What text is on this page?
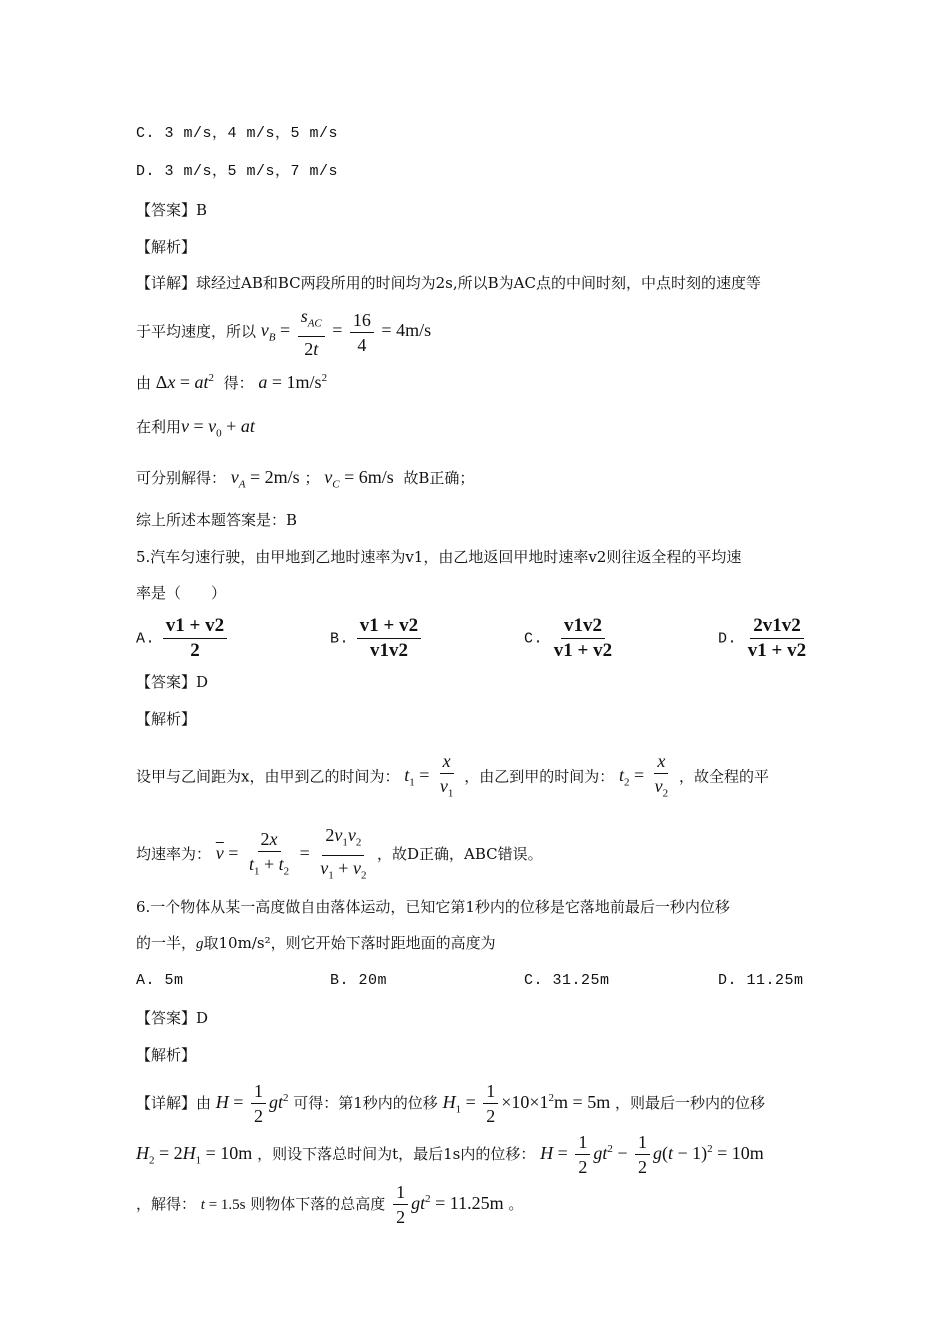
C. 3 m/s，4 m/s，5 m/s
D. 3 m/s，5 m/s，7 m/s
【答案】B
【解析】
【详解】球经过AB和BC两段所用的时间均为2s,所以B为AC点的中间时刻，中点时刻的速度等
于平均速度，所以 $v_B = \frac{s_{AC}}{2t} = \frac{16}{4} = 4m/s$
由 $\Delta x = at^2$ 得： $a = 1m/s^2$
在利用$v = v_0$ + at
可分别解得： $v_A = 2m/s$ ； $v_C = 6m/s$ 故B正确；
综上所述本题答案是：B
5.汽车匀速行驶，由甲地到乙地时速率为v1，由乙地返回甲地时速率v2则往返全程的平均速
率是（　　）
A. $\frac{v1 + v2}{2}$	B. $\frac{v1 + v2}{v1v2}$	C. $\frac{v1v2}{v1 + v2}$	D. $\frac{2v1v2}{v1 + v2}$
【答案】D
【解析】
设甲与乙间距为x，由甲到乙的时间为： $t_1 = \frac{x}{v_1}$ ，由乙到甲的时间为： $t_2 = \frac{x}{v_2}$ ，故全程的平
均速率为： $\overline{v} = \frac{2x}{t_1 + t_2} = \frac{2v_1v_2}{v_1 + v_2}$ ，故D正确，ABC错误。
6.一个物体从某一高度做自由落体运动，已知它第1秒内的位移是它落地前最后一秒内位移
的一半，g取10m/s²，则它开始下落时距地面的高度为
A. 5m	B. 20m	C. 31.25m	D. 11.25m
【答案】D
【解析】
【详解】由 $H = \frac{1}{2} gt^2$ 可得：第1秒内的位移 $H_1 = \frac{1}{2} \times 10\times 1^2m = 5m$ ，则最后一秒内的位移
$H_2 = 2H_1 = 10m$ ，则设下落总时间为t，最后1s内的位移： $H = \frac{1}{2} gt^2 - \frac{1}{2} g(t - 1)^2 = 10m$
，解得： t = 1.5s 则物体下落的总高度 $\frac{1}{2} gt^2 = 11.25m$ 。
